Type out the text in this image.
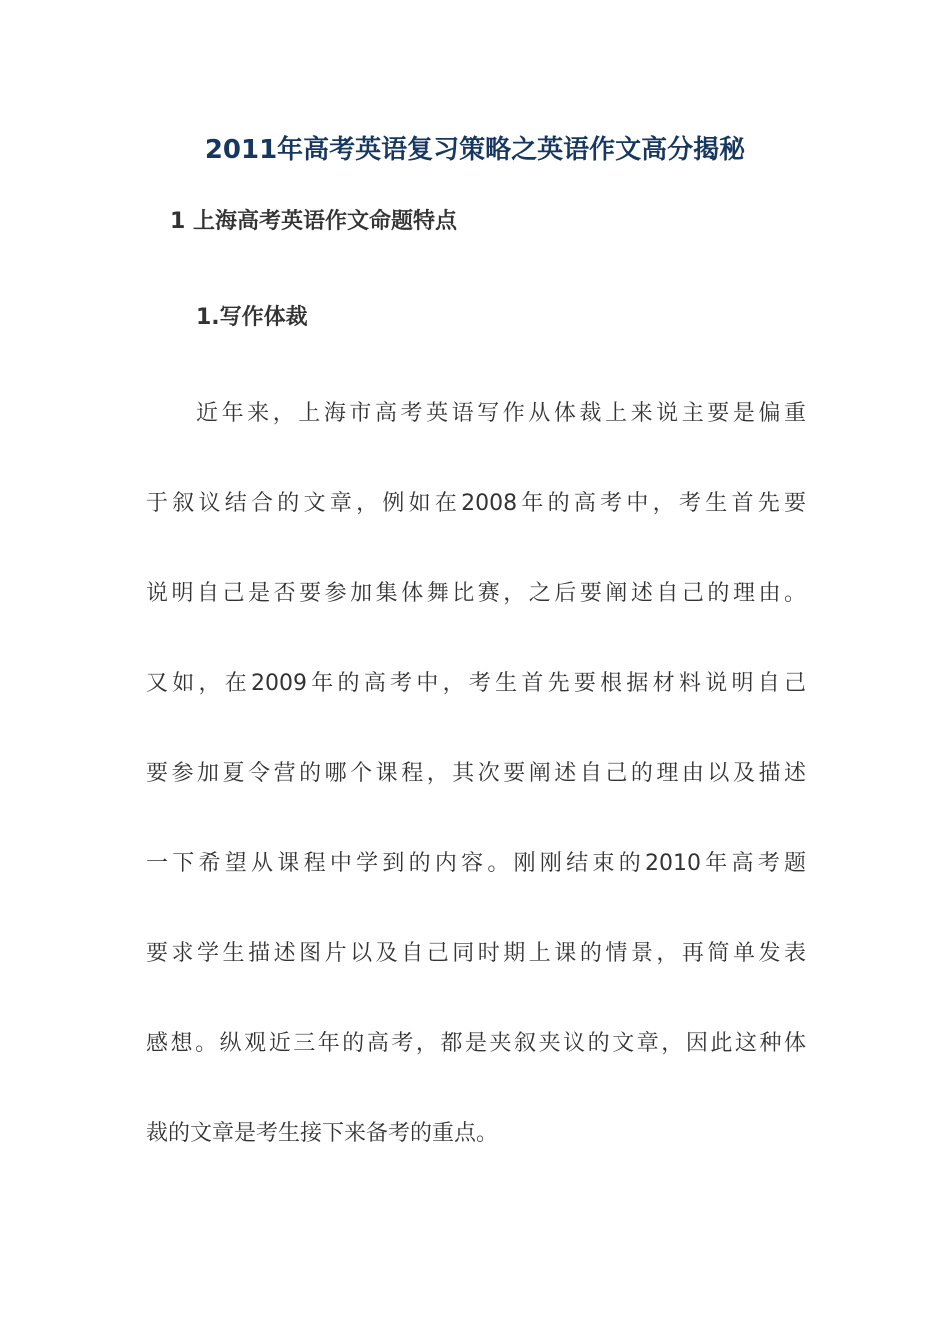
2011年高考英语复习策略之英语作文高分揭秘
1 上海高考英语作文命题特点
1.写作体裁
近年来，上海市高考英语写作从体裁上来说主要是偏重
于叙议结合的文章，例如在2008年的高考中，考生首先要
说明自己是否要参加集体舞比赛，之后要阐述自己的理由。
又如，在2009年的高考中，考生首先要根据材料说明自己
要参加夏令营的哪个课程，其次要阐述自己的理由以及描述
一下希望从课程中学到的内容。刚刚结束的2010年高考题
要求学生描述图片以及自己同时期上课的情景，再简单发表
感想。纵观近三年的高考，都是夹叙夹议的文章，因此这种体
裁的文章是考生接下来备考的重点。
